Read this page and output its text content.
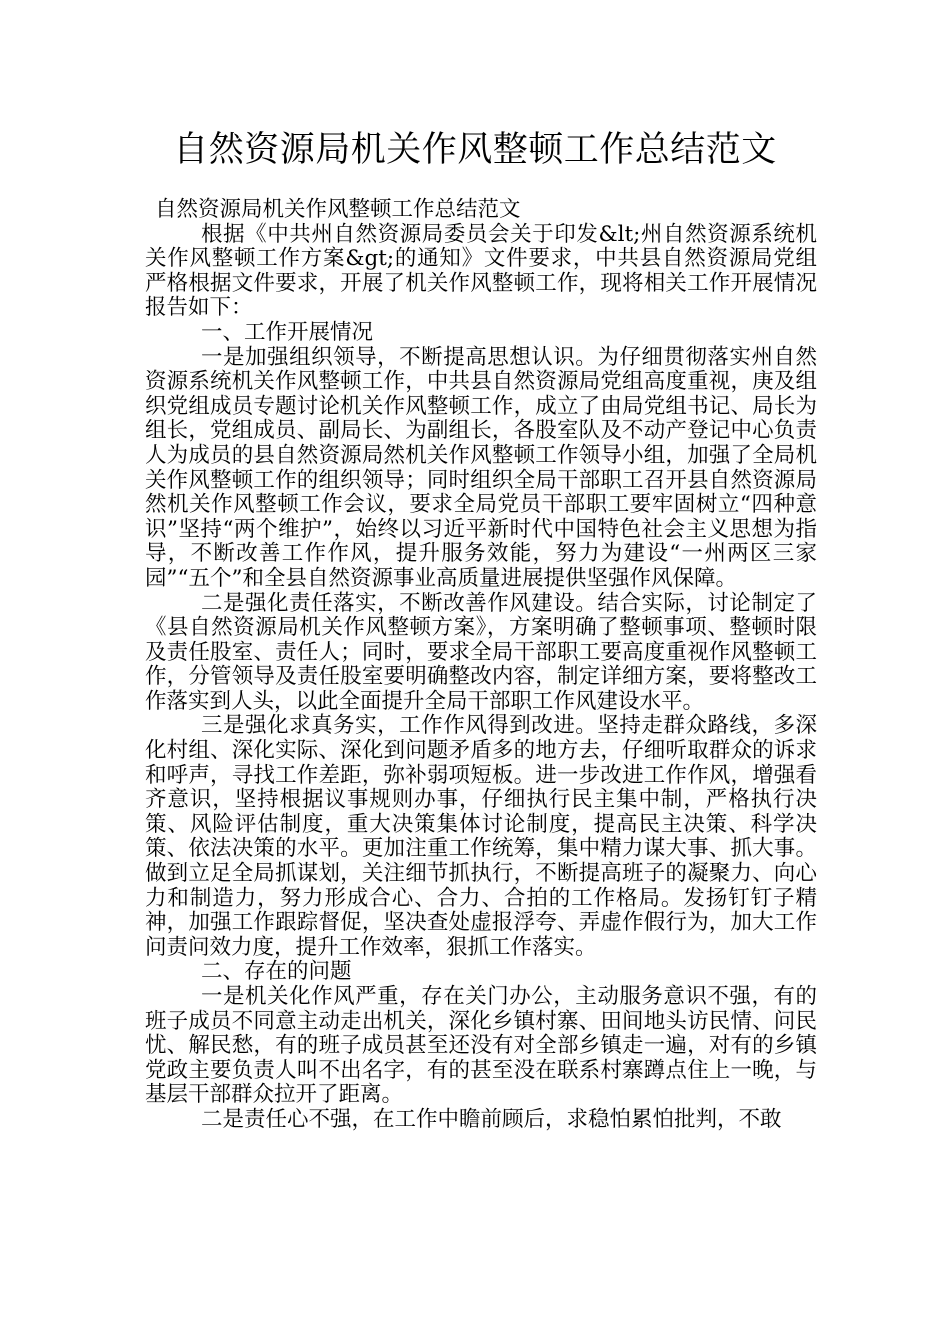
自然资源局机关作风整顿工作总结范文

自然资源局机关作风整顿工作总结范文

根据《中共州自然资源局委员会关于印发&lt;州自然资源系统机关作风整顿工作方案&gt;的通知》文件要求，中共县自然资源局党组严格根据文件要求，开展了机关作风整顿工作，现将相关工作开展情况报告如下：

一、工作开展情况

一是加强组织领导，不断提高思想认识。为仔细贯彻落实州自然资源系统机关作风整顿工作，中共县自然资源局党组高度重视，庚及组织党组成员专题讨论机关作风整顿工作，成立了由局党组书记、局长为组长，党组成员、副局长、为副组长，各股室队及不动产登记中心负责人为成员的县自然资源局然机关作风整顿工作领导小组，加强了全局机关作风整顿工作的组织领导；同时组织全局干部职工召开县自然资源局然机关作风整顿工作会议，要求全局党员干部职工要牢固树立“四种意识”坚持“两个维护”，始终以习近平新时代中国特色社会主义思想为指导，不断改善工作作风，提升服务效能，努力为建设“一州两区三家园”“五个”和全县自然资源事业高质量进展提供坚强作风保障。

二是强化责任落实，不断改善作风建设。结合实际，讨论制定了《县自然资源局机关作风整顿方案》，方案明确了整顿事项、整顿时限及责任股室、责任人；同时，要求全局干部职工要高度重视作风整顿工作，分管领导及责任股室要明确整改内容，制定详细方案，要将整改工作落实到人头，以此全面提升全局干部职工作风建设水平。

三是强化求真务实，工作作风得到改进。坚持走群众路线，多深化村组、深化实际、深化到问题矛盾多的地方去，仔细听取群众的诉求和呼声，寻找工作差距，弥补弱项短板。进一步改进工作作风，增强看齐意识，坚持根据议事规则办事，仔细执行民主集中制，严格执行决策、风险评估制度，重大决策集体讨论制度，提高民主决策、科学决策、依法决策的水平。更加注重工作统筹，集中精力谋大事、抓大事。做到立足全局抓谋划，关注细节抓执行，不断提高班子的凝聚力、向心力和制造力，努力形成合心、合力、合拍的工作格局。发扬钉钉子精神，加强工作跟踪督促，坚决查处虚报浮夸、弄虚作假行为，加大工作问责问效力度，提升工作效率，狠抓工作落实。

二、存在的问题

一是机关化作风严重，存在关门办公，主动服务意识不强，有的班子成员不同意主动走出机关，深化乡镇村寨、田间地头访民情、问民忧、解民愁，有的班子成员甚至还没有对全部乡镇走一遍，对有的乡镇党政主要负责人叫不出名字，有的甚至没在联系村寨蹲点住上一晚，与基层干部群众拉开了距离。

二是责任心不强，在工作中瞻前顾后，求稳怕累怕批判，不敢
